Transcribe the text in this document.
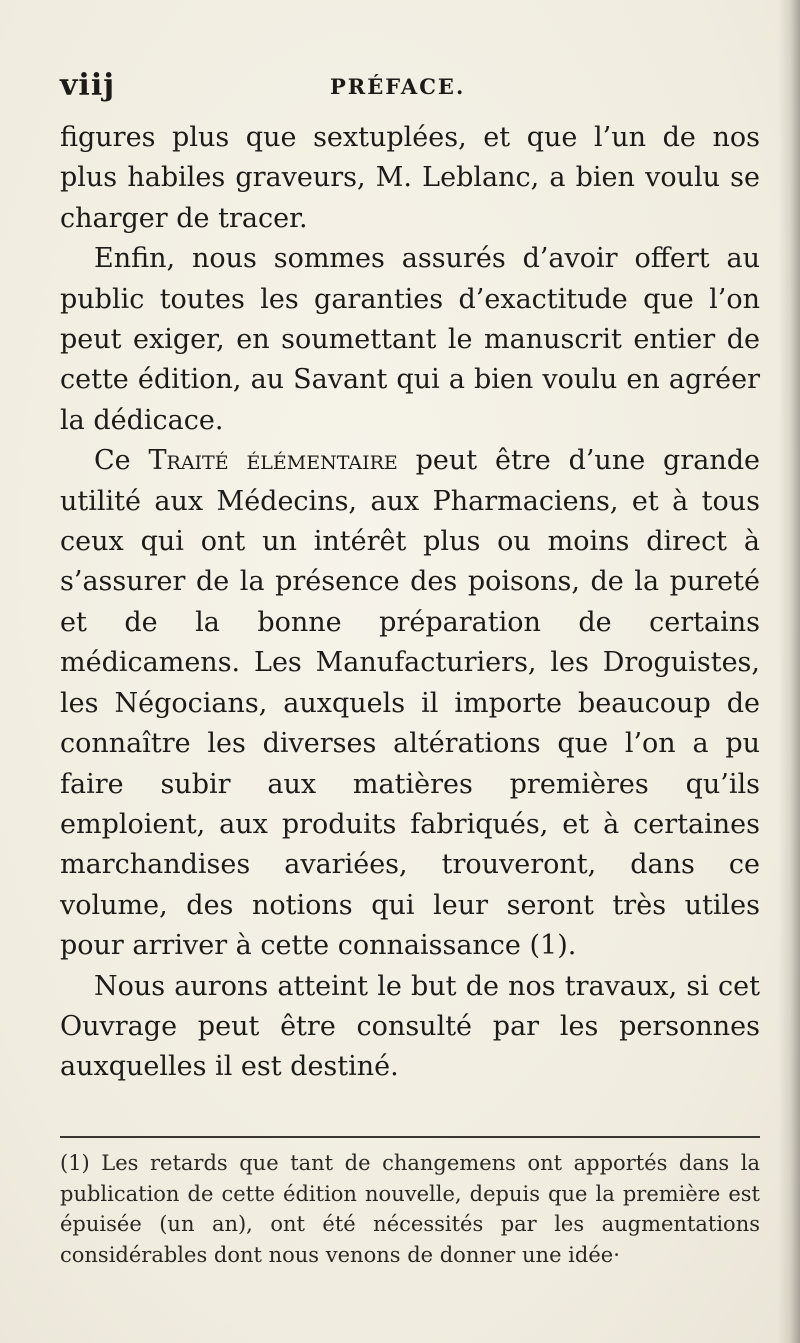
viij	PRÉFACE.

figures plus que sextuplées, et que l’un de nos plus habiles graveurs, M. Leblanc, a bien voulu se charger de tracer.

Enfin, nous sommes assurés d’avoir offert au public toutes les garanties d’exactitude que l’on peut exiger, en soumettant le manuscrit entier de cette édition, au Savant qui a bien voulu en agréer la dédicace.

Ce Traité élémentaire peut être d’une grande utilité aux Médecins, aux Pharmaciens, et à tous ceux qui ont un intérêt plus ou moins direct à s’assurer de la présence des poisons, de la pureté et de la bonne préparation de certains médicamens. Les Manufacturiers, les Droguistes, les Négocians, auxquels il importe beaucoup de connaître les diverses altérations que l’on a pu faire subir aux matières premières qu’ils emploient, aux produits fabriqués, et à certaines marchandises avariées, trouveront, dans ce volume, des notions qui leur seront très utiles pour arriver à cette connaissance (1).

Nous aurons atteint le but de nos travaux, si cet Ouvrage peut être consulté par les personnes auxquelles il est destiné.

(1) Les retards que tant de changemens ont apportés dans la publication de cette édition nouvelle, depuis que la première est épuisée (un an), ont été nécessités par les augmentations considérables dont nous venons de donner une idée·
